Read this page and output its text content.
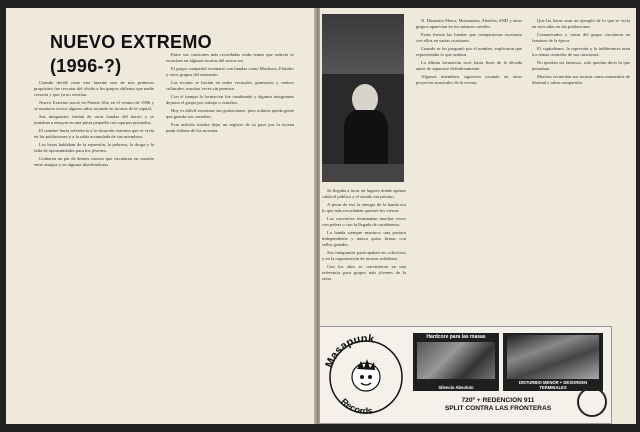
NUEVO EXTREMO
(1996-?)

Cuando decidí crear este fanzine uno de mis primeros propósitos fue rescatar del olvido a los grupos chilenos que nadie conocía y que ya no existían.

Nuevo Extremo nació en Puente Alto en el verano de 1996 y se mantuvo activo algunos años tocando en tocatas de la capital.

Sus integrantes venían de otras bandas del barrio y se juntaban a ensayar en una pieza pequeña con equipos prestados.

El nombre hacía referencia a la situación extrema que se vivía en las poblaciones y a la rabia acumulada de sus miembros.

Las letras hablaban de la represión, la pobreza, la droga y la falta de oportunidades para los jóvenes.

Grabaron un par de demos caseros que circularon en cassette entre amigos y en algunas distribuidoras.

Entre sus canciones más recordadas están temas que todavía se escuchan en algunas tocatas del sector sur.

El grupo compartió escenario con bandas como Machuca, Fiskales y otros grupos del momento.

Las tocatas se hacían en sedes vecinales, gimnasios y centros culturales, muchas veces sin permiso.

Con el tiempo la formación fue cambiando y algunos integrantes dejaron el grupo por trabajo o estudios.

Hoy es difícil encontrar sus grabaciones, pero todavía queda gente que guarda sus cassettes.

Este artículo intenta dejar un registro de su paso por la escena punk chilena de los noventa.

Se llegaba a tocar en lugares donde apenas cabía el público y el sonido era pésimo.

A pesar de eso la energía de la banda era lo que más recordaban quienes los vieron.

Los conciertos terminaban muchas veces con peleas o con la llegada de carabineros.

La banda siempre mantuvo una postura independiente y nunca quiso firmar con sellos grandes.

Sus integrantes participaban en colectivos y en la organización de tocatas solidarias.

Con los años se convirtieron en una referencia para grupos más jóvenes de la zona.

N. Dinamita Motor, Mortanotas, Abuelos, SND y otros grupos aparecían en los mismos carteles.

Estas fueron las bandas que compartieron escenario con ellos en varias ocasiones.

Cuando se les preguntó por el nombre, explicaron que representaba lo que sentían.

La última formación tocó hasta fines de la década antes de separarse definitivamente.

Algunos miembros siguieron tocando en otros proyectos musicales de la escena.

Que las letras sean un ejemplo de lo que se vivía en esos años en las poblaciones.

Comunicados y cartas del grupo circularon en fanzines de la época.

El capitalismo, la represión y la indiferencia eran los temas centrales de sus canciones.

No querían ser famosos, solo querían decir lo que pensaban.

Muchos recuerdan sus tocatas como momentos de libertad y rabia compartida.

Masapunk
Records
Hardcore para las masas
Silencio Absoluto
DISTURBIO MENOR + DESORDEN TERMINALES
720º + REDENCION 911
SPLIT CONTRA LAS FRONTERAS
